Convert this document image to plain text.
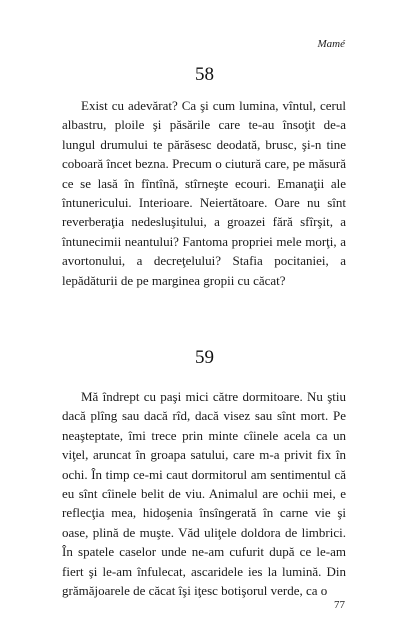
Mamé
58
Exist cu adevărat? Ca şi cum lumina, vîntul, cerul albastru, ploile şi păsările care te-au însoţit de-a lungul drumului te părăsesc deodată, brusc, şi-n tine coboară încet bezna. Precum o ciutură care, pe măsură ce se lasă în fîntînă, stîrneşte ecouri. Emanaţii ale întunericului. Interioare. Neiertătoare. Oare nu sînt reverberaţia nedesluşitului, a groazei fără sfîrşit, a întunecimii neantului? Fantoma propriei mele morţi, a avortonului, a decreţelului? Stafia pocitaniei, a lepădăturii de pe marginea gropii cu căcat?
59
Mă îndrept cu paşi mici către dormitoare. Nu ştiu dacă plîng sau dacă rîd, dacă visez sau sînt mort. Pe neaşteptate, îmi trece prin minte cîinele acela ca un viţel, aruncat în groapa satului, care m-a privit fix în ochi. În timp ce-mi caut dormitorul am sentimentul că eu sînt cîinele belit de viu. Animalul are ochii mei, e reflecţia mea, hidoşenia însîngerată în carne vie şi oase, plină de muşte. Văd uliţele doldora de limbrici. În spatele caselor unde ne-am cufurit după ce le-am fiert şi le-am înfulecat, ascaridele ies la lumină. Din grămăjoarele de căcat îşi iţesc botişorul verde, ca o
77
